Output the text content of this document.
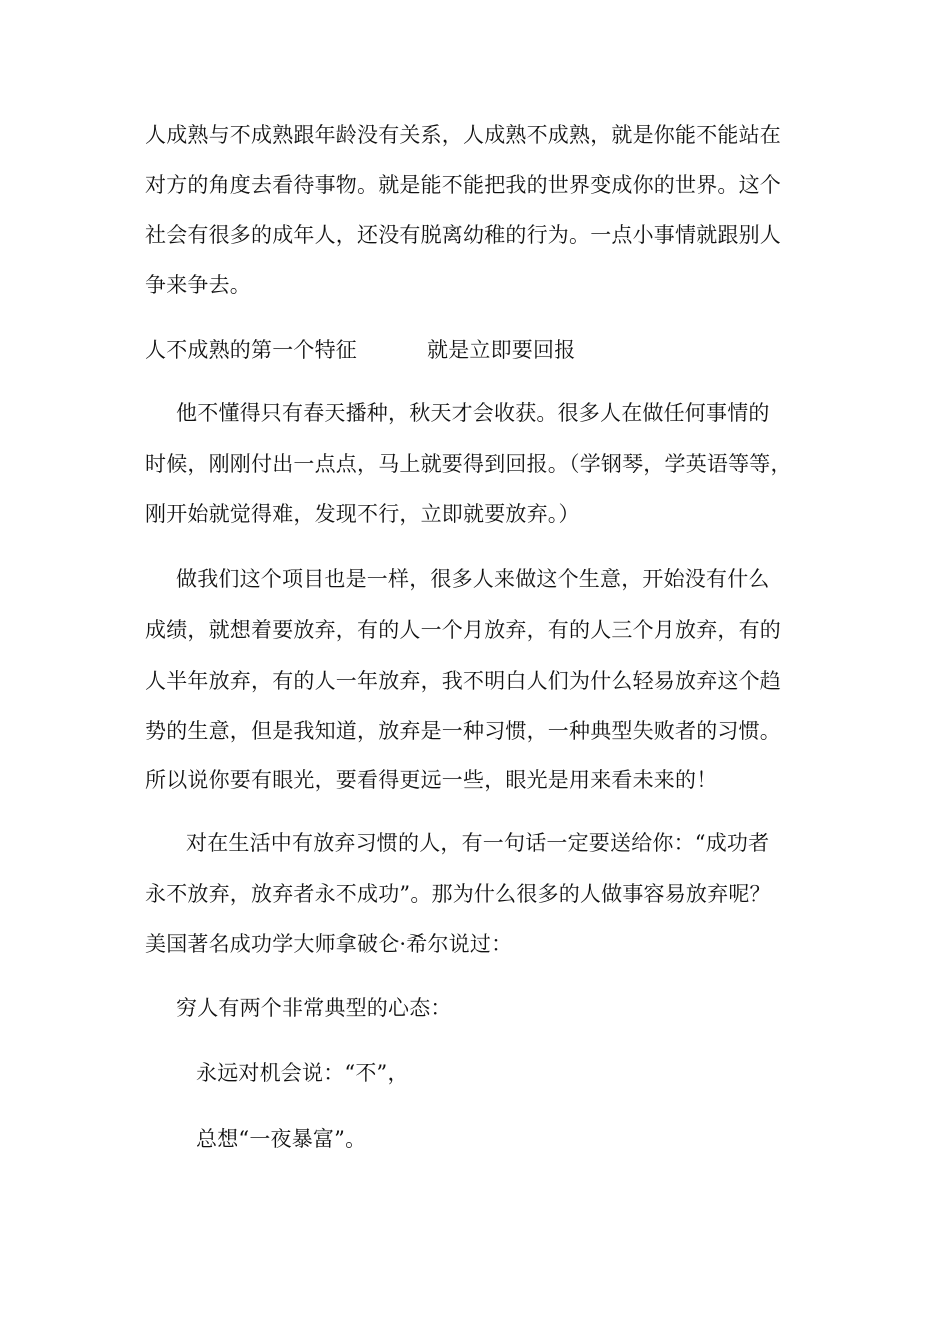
人成熟与不成熟跟年龄没有关系，人成熟不成熟，就是你能不能站在
对方的角度去看待事物。就是能不能把我的世界变成你的世界。这个
社会有很多的成年人，还没有脱离幼稚的行为。一点小事情就跟别人
争来争去。
人不成熟的第一个特征	就是立即要回报
他不懂得只有春天播种，秋天才会收获。很多人在做任何事情的
时候，刚刚付出一点点，马上就要得到回报。（学钢琴，学英语等等，
刚开始就觉得难，发现不行，立即就要放弃。）
做我们这个项目也是一样，很多人来做这个生意，开始没有什么
成绩，就想着要放弃，有的人一个月放弃，有的人三个月放弃，有的
人半年放弃，有的人一年放弃，我不明白人们为什么轻易放弃这个趋
势的生意，但是我知道，放弃是一种习惯，一种典型失败者的习惯。
所以说你要有眼光，要看得更远一些，眼光是用来看未来的！
对在生活中有放弃习惯的人，有一句话一定要送给你：“成功者
永不放弃，放弃者永不成功”。那为什么很多的人做事容易放弃呢？
美国著名成功学大师拿破仑·希尔说过：
穷人有两个非常典型的心态：
永远对机会说：“不”，
总想“一夜暴富”。
